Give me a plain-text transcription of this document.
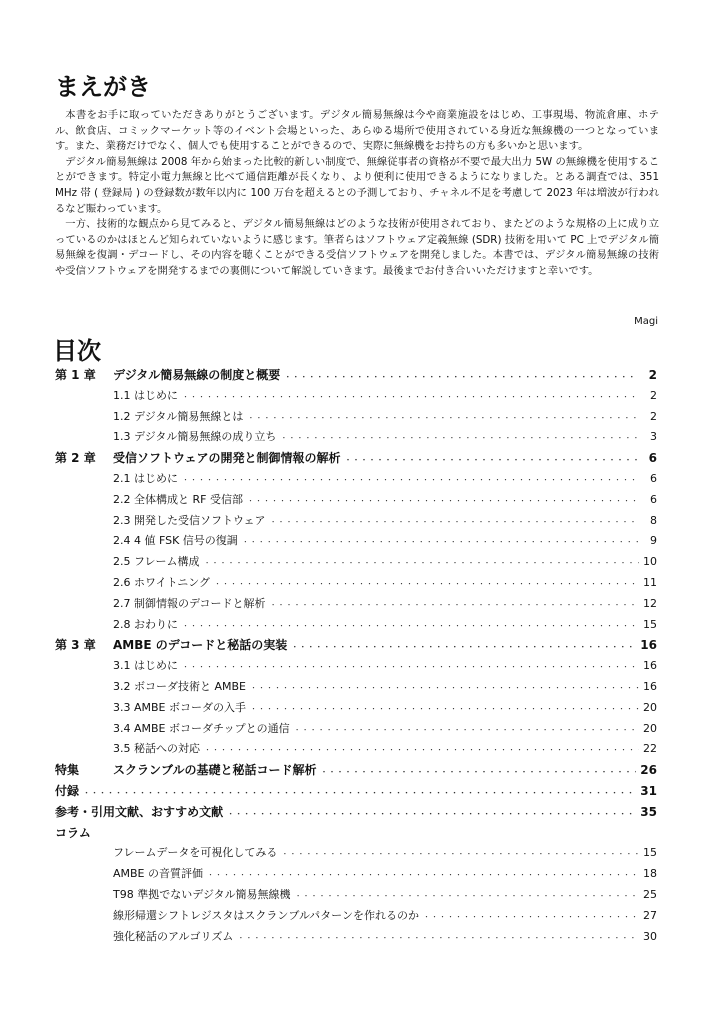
まえがき

本書をお手に取っていただきありがとうございます。デジタル簡易無線は今や商業施設をはじめ、工事現場、物流倉庫、ホテル、飲食店、コミックマーケット等のイベント会場といった、あらゆる場所で使用されている身近な無線機の一つとなっています。また、業務だけでなく、個人でも使用することができるので、実際に無線機をお持ちの方も多いかと思います。

デジタル簡易無線は 2008 年から始まった比較的新しい制度で、無線従事者の資格が不要で最大出力 5W の無線機を使用することができます。特定小電力無線と比べて通信距離が長くなり、より便利に使用できるようになりました。とある調査では、351 MHz 帯 ( 登録局 ) の登録数が数年以内に 100 万台を超えるとの予測しており、チャネル不足を考慮して 2023 年は増波が行われるなど賑わっています。

一方、技術的な観点から見てみると、デジタル簡易無線はどのような技術が使用されており、またどのような規格の上に成り立っているのかはほとんど知られていないように感じます。筆者らはソフトウェア定義無線 (SDR) 技術を用いて PC 上でデジタル簡易無線を復調・デコードし、その内容を聴くことができる受信ソフトウェアを開発しました。本書では、デジタル簡易無線の技術や受信ソフトウェアを開発するまでの裏側について解説していきます。最後までお付き合いいただけますと幸いです。

Magi
目次
第 1 章 デジタル簡易無線の制度と概要 ・・・・・・・・・・・・・・・・・・・・・・・・・・・・・・・・・・・・・・・・・・・・・・・・・・・・・・・・・・・・・・・・・・・・・・・・・・・・・・・・・・・・・・・・・・・・	2
1.1 はじめに ・・・・・・・・・・・・・・・・・・・・・・・・・・・・・・・・・・・・・・・・・・・・・・・・・・・・・・・・・・・・・・・・・・・・・・・・・・・・・・・・・・・・・・・・・・・・	2
1.2 デジタル簡易無線とは ・・・・・・・・・・・・・・・・・・・・・・・・・・・・・・・・・・・・・・・・・・・・・・・・・・・・・・・・・・・・・・・・・・・・・・・・・・・・・・・・・・・・・・・・・・・・	2
1.3 デジタル簡易無線の成り立ち ・・・・・・・・・・・・・・・・・・・・・・・・・・・・・・・・・・・・・・・・・・・・・・・・・・・・・・・・・・・・・・・・・・・・・・・・・・・・・・・・・・・・・・・・・・・・	3
第 2 章 受信ソフトウェアの開発と制御情報の解析 ・・・・・・・・・・・・・・・・・・・・・・・・・・・・・・・・・・・・・・・・・・・・・・・・・・・・・・・・・・・・・・・・・・・・・・・・・・・・・・・・・・・・・・・・・・・・	6
2.1 はじめに ・・・・・・・・・・・・・・・・・・・・・・・・・・・・・・・・・・・・・・・・・・・・・・・・・・・・・・・・・・・・・・・・・・・・・・・・・・・・・・・・・・・・・・・・・・・・	6
2.2 全体構成と RF 受信部 ・・・・・・・・・・・・・・・・・・・・・・・・・・・・・・・・・・・・・・・・・・・・・・・・・・・・・・・・・・・・・・・・・・・・・・・・・・・・・・・・・・・・・・・・・・・・	6
2.3 開発した受信ソフトウェア ・・・・・・・・・・・・・・・・・・・・・・・・・・・・・・・・・・・・・・・・・・・・・・・・・・・・・・・・・・・・・・・・・・・・・・・・・・・・・・・・・・・・・・・・・・・・	8
2.4 4 値 FSK 信号の復調 ・・・・・・・・・・・・・・・・・・・・・・・・・・・・・・・・・・・・・・・・・・・・・・・・・・・・・・・・・・・・・・・・・・・・・・・・・・・・・・・・・・・・・・・・・・・・	9
2.5 フレーム構成 ・・・・・・・・・・・・・・・・・・・・・・・・・・・・・・・・・・・・・・・・・・・・・・・・・・・・・・・・・・・・・・・・・・・・・・・・・・・・・・・・・・・・・・・・・・・・	10
2.6 ホワイトニング ・・・・・・・・・・・・・・・・・・・・・・・・・・・・・・・・・・・・・・・・・・・・・・・・・・・・・・・・・・・・・・・・・・・・・・・・・・・・・・・・・・・・・・・・・・・・	11
2.7 制御情報のデコードと解析 ・・・・・・・・・・・・・・・・・・・・・・・・・・・・・・・・・・・・・・・・・・・・・・・・・・・・・・・・・・・・・・・・・・・・・・・・・・・・・・・・・・・・・・・・・・・・	12
2.8 おわりに ・・・・・・・・・・・・・・・・・・・・・・・・・・・・・・・・・・・・・・・・・・・・・・・・・・・・・・・・・・・・・・・・・・・・・・・・・・・・・・・・・・・・・・・・・・・・	15
第 3 章 AMBE のデコードと秘話の実装 ・・・・・・・・・・・・・・・・・・・・・・・・・・・・・・・・・・・・・・・・・・・・・・・・・・・・・・・・・・・・・・・・・・・・・・・・・・・・・・・・・・・・・・・・・・・・	16
3.1 はじめに ・・・・・・・・・・・・・・・・・・・・・・・・・・・・・・・・・・・・・・・・・・・・・・・・・・・・・・・・・・・・・・・・・・・・・・・・・・・・・・・・・・・・・・・・・・・・	16
3.2 ボコーダ技術と AMBE ・・・・・・・・・・・・・・・・・・・・・・・・・・・・・・・・・・・・・・・・・・・・・・・・・・・・・・・・・・・・・・・・・・・・・・・・・・・・・・・・・・・・・・・・・・・・	16
3.3 AMBE ボコーダの入手 ・・・・・・・・・・・・・・・・・・・・・・・・・・・・・・・・・・・・・・・・・・・・・・・・・・・・・・・・・・・・・・・・・・・・・・・・・・・・・・・・・・・・・・・・・・・・	20
3.4 AMBE ボコーダチップとの通信 ・・・・・・・・・・・・・・・・・・・・・・・・・・・・・・・・・・・・・・・・・・・・・・・・・・・・・・・・・・・・・・・・・・・・・・・・・・・・・・・・・・・・・・・・・・・・	20
3.5 秘話への対応 ・・・・・・・・・・・・・・・・・・・・・・・・・・・・・・・・・・・・・・・・・・・・・・・・・・・・・・・・・・・・・・・・・・・・・・・・・・・・・・・・・・・・・・・・・・・・	22
特集	スクランブルの基礎と秘話コード解析 ・・・・・・・・・・・・・・・・・・・・・・・・・・・・・・・・・・・・・・・・・・・・・・・・・・・・・・・・・・・・・・・・・・・・・・・・・・・・・・・・・・・・・・・・・・・・	26
付録 ・・・・・・・・・・・・・・・・・・・・・・・・・・・・・・・・・・・・・・・・・・・・・・・・・・・・・・・・・・・・・・・・・・・・・・・・・・・・・・・・・・・・・・・・・・・・	31
参考・引用文献、おすすめ文献 ・・・・・・・・・・・・・・・・・・・・・・・・・・・・・・・・・・・・・・・・・・・・・・・・・・・・・・・・・・・・・・・・・・・・・・・・・・・・・・・・・・・・・・・・・・・・	35
コラム
フレームデータを可視化してみる ・・・・・・・・・・・・・・・・・・・・・・・・・・・・・・・・・・・・・・・・・・・・・・・・・・・・・・・・・・・・・・・・・・・・・・・・・・・・・・・・・・・・・・・・・・・・	15
AMBE の音質評価 ・・・・・・・・・・・・・・・・・・・・・・・・・・・・・・・・・・・・・・・・・・・・・・・・・・・・・・・・・・・・・・・・・・・・・・・・・・・・・・・・・・・・・・・・・・・・	18
T98 準拠でないデジタル簡易無線機 ・・・・・・・・・・・・・・・・・・・・・・・・・・・・・・・・・・・・・・・・・・・・・・・・・・・・・・・・・・・・・・・・・・・・・・・・・・・・・・・・・・・・・・・・・・・・	25
線形帰還シフトレジスタはスクランブルパターンを作れるのか ・・・・・・・・・・・・・・・・・・・・・・・・・・・・・・・・・・・・・・・・・・・・・・・・・・・・・・・・・・・・・・・・・・・・・・・・・・・・・・・・・・・・・・・・・・・・	27
強化秘話のアルゴリズム ・・・・・・・・・・・・・・・・・・・・・・・・・・・・・・・・・・・・・・・・・・・・・・・・・・・・・・・・・・・・・・・・・・・・・・・・・・・・・・・・・・・・・・・・・・・・	30
